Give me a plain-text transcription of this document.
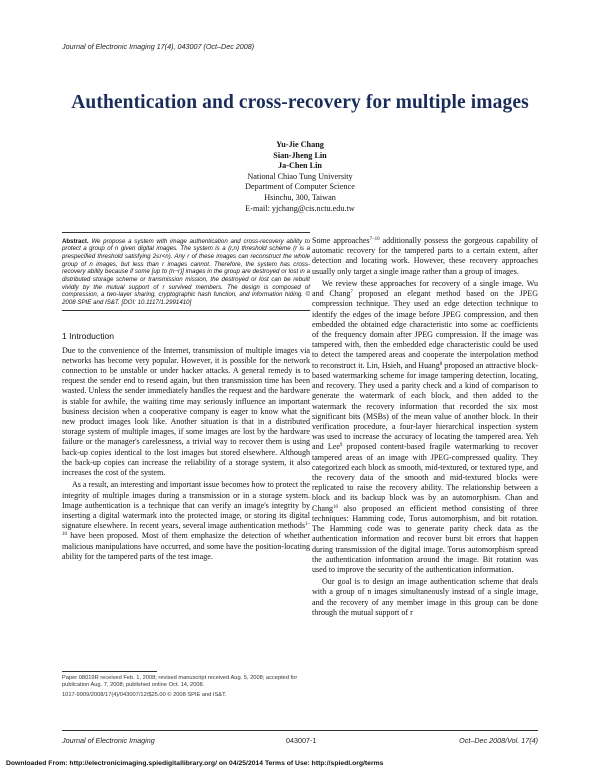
Journal of Electronic Imaging 17(4), 043007 (Oct–Dec 2008)
Authentication and cross-recovery for multiple images
Yu-Jie Chang
Sian-Jheng Lin
Ja-Chen Lin
National Chiao Tung University
Department of Computer Science
Hsinchu, 300, Taiwan
E-mail: yjchang@cis.nctu.edu.tw
Abstract. We propose a system with image authentication and cross-recovery ability to protect a group of n given digital images. The system is a (r,n) threshold scheme (r is a prespecified threshold satisfying 2≤r<n). Any r of these images can reconstruct the whole group of n images, but less than r images cannot. Therefore, the system has cross-recovery ability because if some [up to (n−r)] images in the group are destroyed or lost in a distributed storage scheme or transmission mission, the destroyed or lost can be rebuilt vividly by the mutual support of r survived members. The design is composed of compression, a two-layer sharing, cryptographic hash function, and information hiding. © 2008 SPIE and IS&T. [DOI: 10.1117/1.2991410]
1 Introduction

Due to the convenience of the Internet, transmission of multiple images via networks has become very popular. However, it is possible for the network connection to be unstable or under hacker attacks. A general remedy is to request the sender end to resend again, but then transmission time has been wasted. Unless the sender immediately handles the request and the hardware is stable for awhile, the waiting time may seriously influence an important business decision when a cooperative company is eager to know what the new product images look like. Another situation is that in a distributed storage system of multiple images, if some images are lost by the hardware failure or the manager's carelessness, a trivial way to recover them is using back-up copies identical to the lost images but stored elsewhere. Although the back-up copies can increase the reliability of a storage system, it also increases the cost of the system.

As a result, an interesting and important issue becomes how to protect the integrity of multiple images during a transmission or in a storage system. Image authentication is a technique that can verify an image's integrity by inserting a digital watermark into the protected image, or storing its digital signature elsewhere. In recent years, several image authentication methods$^{1-10}$ have been proposed. Most of them emphasize the detection of whether malicious manipulations have occurred, and some have the position-locating ability for the tampered parts of the test image.

Paper 08019R received Feb. 1, 2008; revised manuscript received Aug. 5, 2008; accepted for publication Aug. 7, 2008; published online Oct. 14, 2008.
1017-9909/2008/17(4)/043007/12/$25.00 © 2008 SPIE and IS&T.

Some approaches$^{7-10}$ additionally possess the gorgeous capability of automatic recovery for the tampered parts to a certain extent, after detection and locating work. However, these recovery approaches usually only target a single image rather than a group of images.

We review these approaches for recovery of a single image. Wu and Chang$^7$ proposed an elegant method based on the JPEG compression technique. They used an edge detection technique to identify the edges of the image before JPEG compression, and then embedded the obtained edge characteristic into some ac coefficients of the frequency domain after JPEG compression. If the image was tampered with, then the embedded edge characteristic could be used to detect the tampered areas and cooperate the interpolation method to reconstruct it. Lin, Hsieh, and Huang$^8$ proposed an attractive block-based watermarking scheme for image tampering detection, locating, and recovery. They used a parity check and a kind of comparison to generate the watermark of each block, and then added to the watermark the recovery information that recorded the six most significant bits (MSBs) of the mean value of another block. In their verification procedure, a four-layer hierarchical inspection system was used to increase the accuracy of locating the tampered area. Yeh and Lee$^9$ proposed content-based fragile watermarking to recover tampered areas of an image with JPEG-compressed quality. They categorized each block as smooth, mid-textured, or textured type, and the recovery data of the smooth and mid-textured blocks were replicated to raise the recovery ability. The relationship between a block and its backup block was by an automorphism. Chan and Chang$^{10}$ also proposed an efficient method consisting of three techniques: Hamming code, Torus automorphism, and bit rotation. The Hamming code was to generate parity check data as the authentication information and recover burst bit errors that happen during transmission of the digital image. Torus automorphism spread the authentication information around the image. Bit rotation was used to improve the security of the authentication information.

Our goal is to design an image authentication scheme that deals with a group of n images simultaneously instead of a single image, and the recovery of any member image in this group can be done through the mutual support of r

Journal of Electronic Imaging	043007-1	Oct–Dec 2008/Vol. 17(4)
Downloaded From: http://electronicimaging.spiedigitallibrary.org/ on 04/25/2014 Terms of Use: http://spiedl.org/terms
